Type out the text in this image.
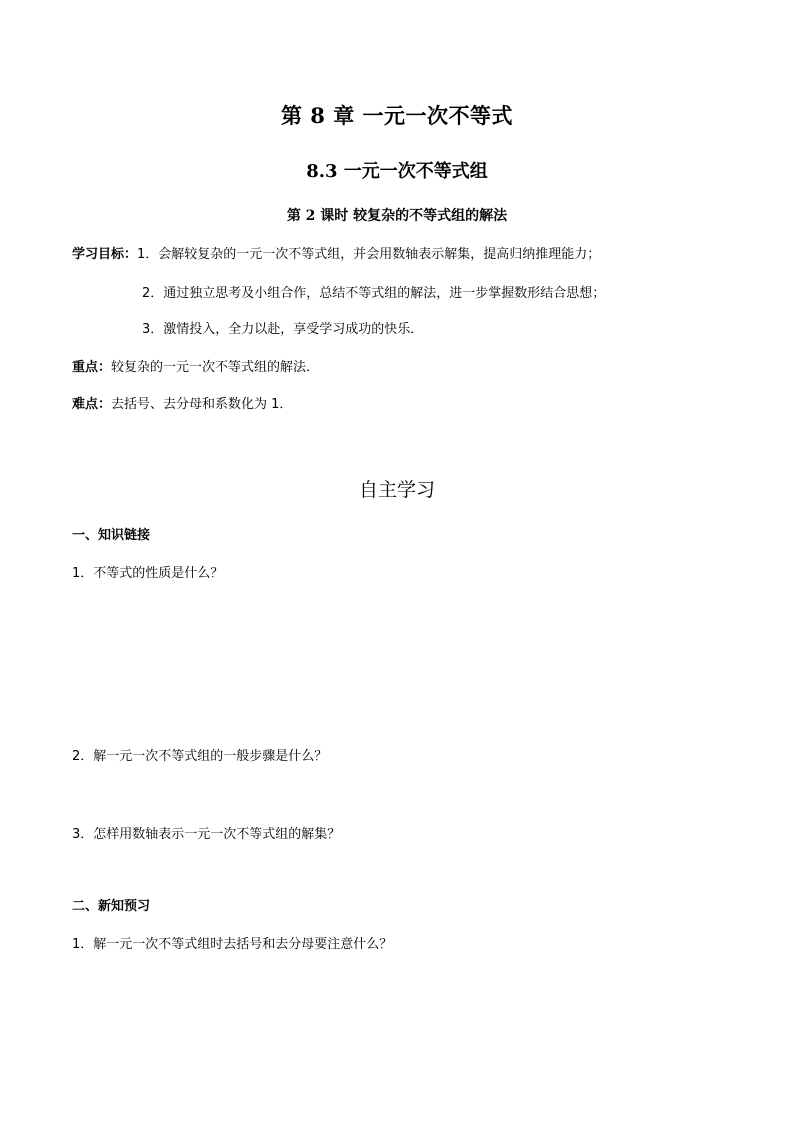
第 8 章 一元一次不等式
8.3 一元一次不等式组
第 2 课时 较复杂的不等式组的解法
学习目标：1．会解较复杂的一元一次不等式组，并会用数轴表示解集，提高归纳推理能力；
2．通过独立思考及小组合作，总结不等式组的解法，进一步掌握数形结合思想；
3．激情投入，全力以赴，享受学习成功的快乐．
重点：较复杂的一元一次不等式组的解法．
难点：去括号、去分母和系数化为 1．
自主学习
一、知识链接
1．不等式的性质是什么？
2．解一元一次不等式组的一般步骤是什么？
3．怎样用数轴表示一元一次不等式组的解集？
二、新知预习
1．解一元一次不等式组时去括号和去分母要注意什么？
